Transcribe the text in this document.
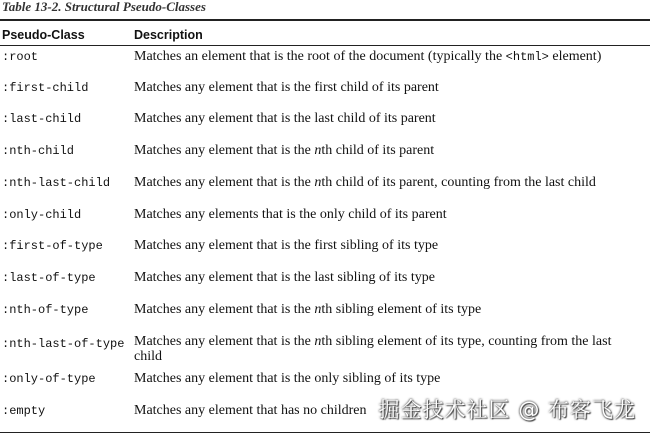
Table 13-2. Structural Pseudo-Classes
Pseudo-Class	Description
:root	Matches an element that is the root of the document (typically the <html> element)
:first-child	Matches any element that is the first child of its parent
:last-child	Matches any element that is the last child of its parent
:nth-child	Matches any element that is the nth child of its parent
:nth-last-child Matches any element that is the nth child of its parent, counting from the last child
:only-child	Matches any elements that is the only child of its parent
:first-of-type Matches any element that is the first sibling of its type
:last-of-type	Matches any element that is the last sibling of its type
:nth-of-type	Matches any element that is the nth sibling element of its type
:nth-last-of-type Matches any element that is the nth sibling element of its type, counting from the last child
:only-of-type	Matches any element that is the only sibling of its type
:empty	Matches any element that has no children 掘金技术社区 @ 布客飞龙
